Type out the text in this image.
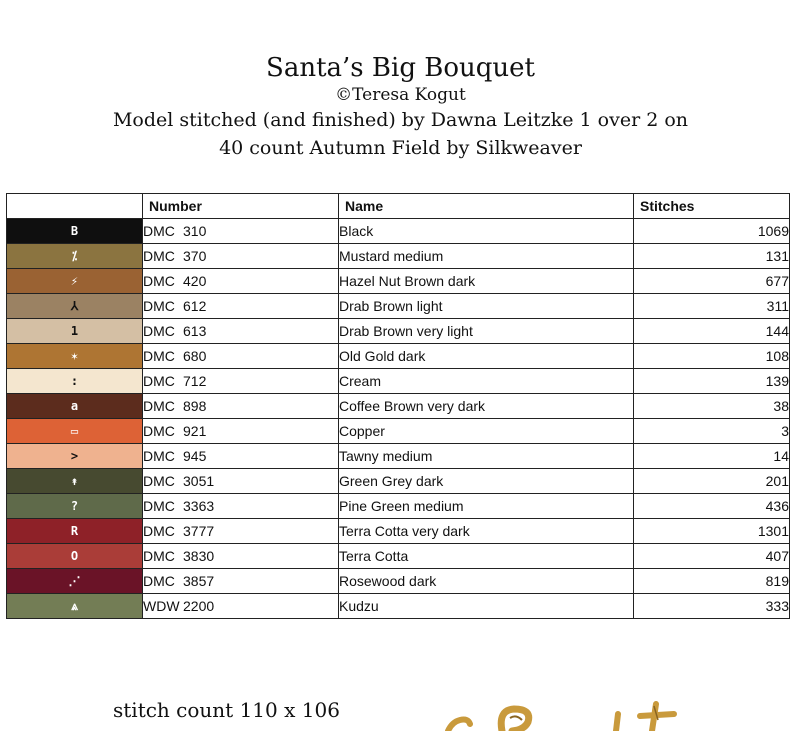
Santa’s Big Bouquet
©Teresa Kogut
Model stitched (and finished) by Dawna Leitzke 1 over 2 on
40 count Autumn Field by Silkweaver
	Number	Name	Stitches
B	DMC 310	Black	1069
⁒	DMC 370	Mustard medium	131
⚡	DMC 420	Hazel Nut Brown dark	677
⅄	DMC 612	Drab Brown light	311
1	DMC 613	Drab Brown very light	144
✶	DMC 680	Old Gold dark	108
:	DMC 712	Cream	139
a	DMC 898	Coffee Brown very dark	38
▭	DMC 921	Copper	3
>	DMC 945	Tawny medium	14
↟	DMC 3051	Green Grey dark	201
?	DMC 3363	Pine Green medium	436
R	DMC 3777	Terra Cotta very dark	1301
O	DMC 3830	Terra Cotta	407
⋰	DMC 3857	Rosewood dark	819
⩓	WDW 2200	Kudzu	333
stitch count 110 x 106
